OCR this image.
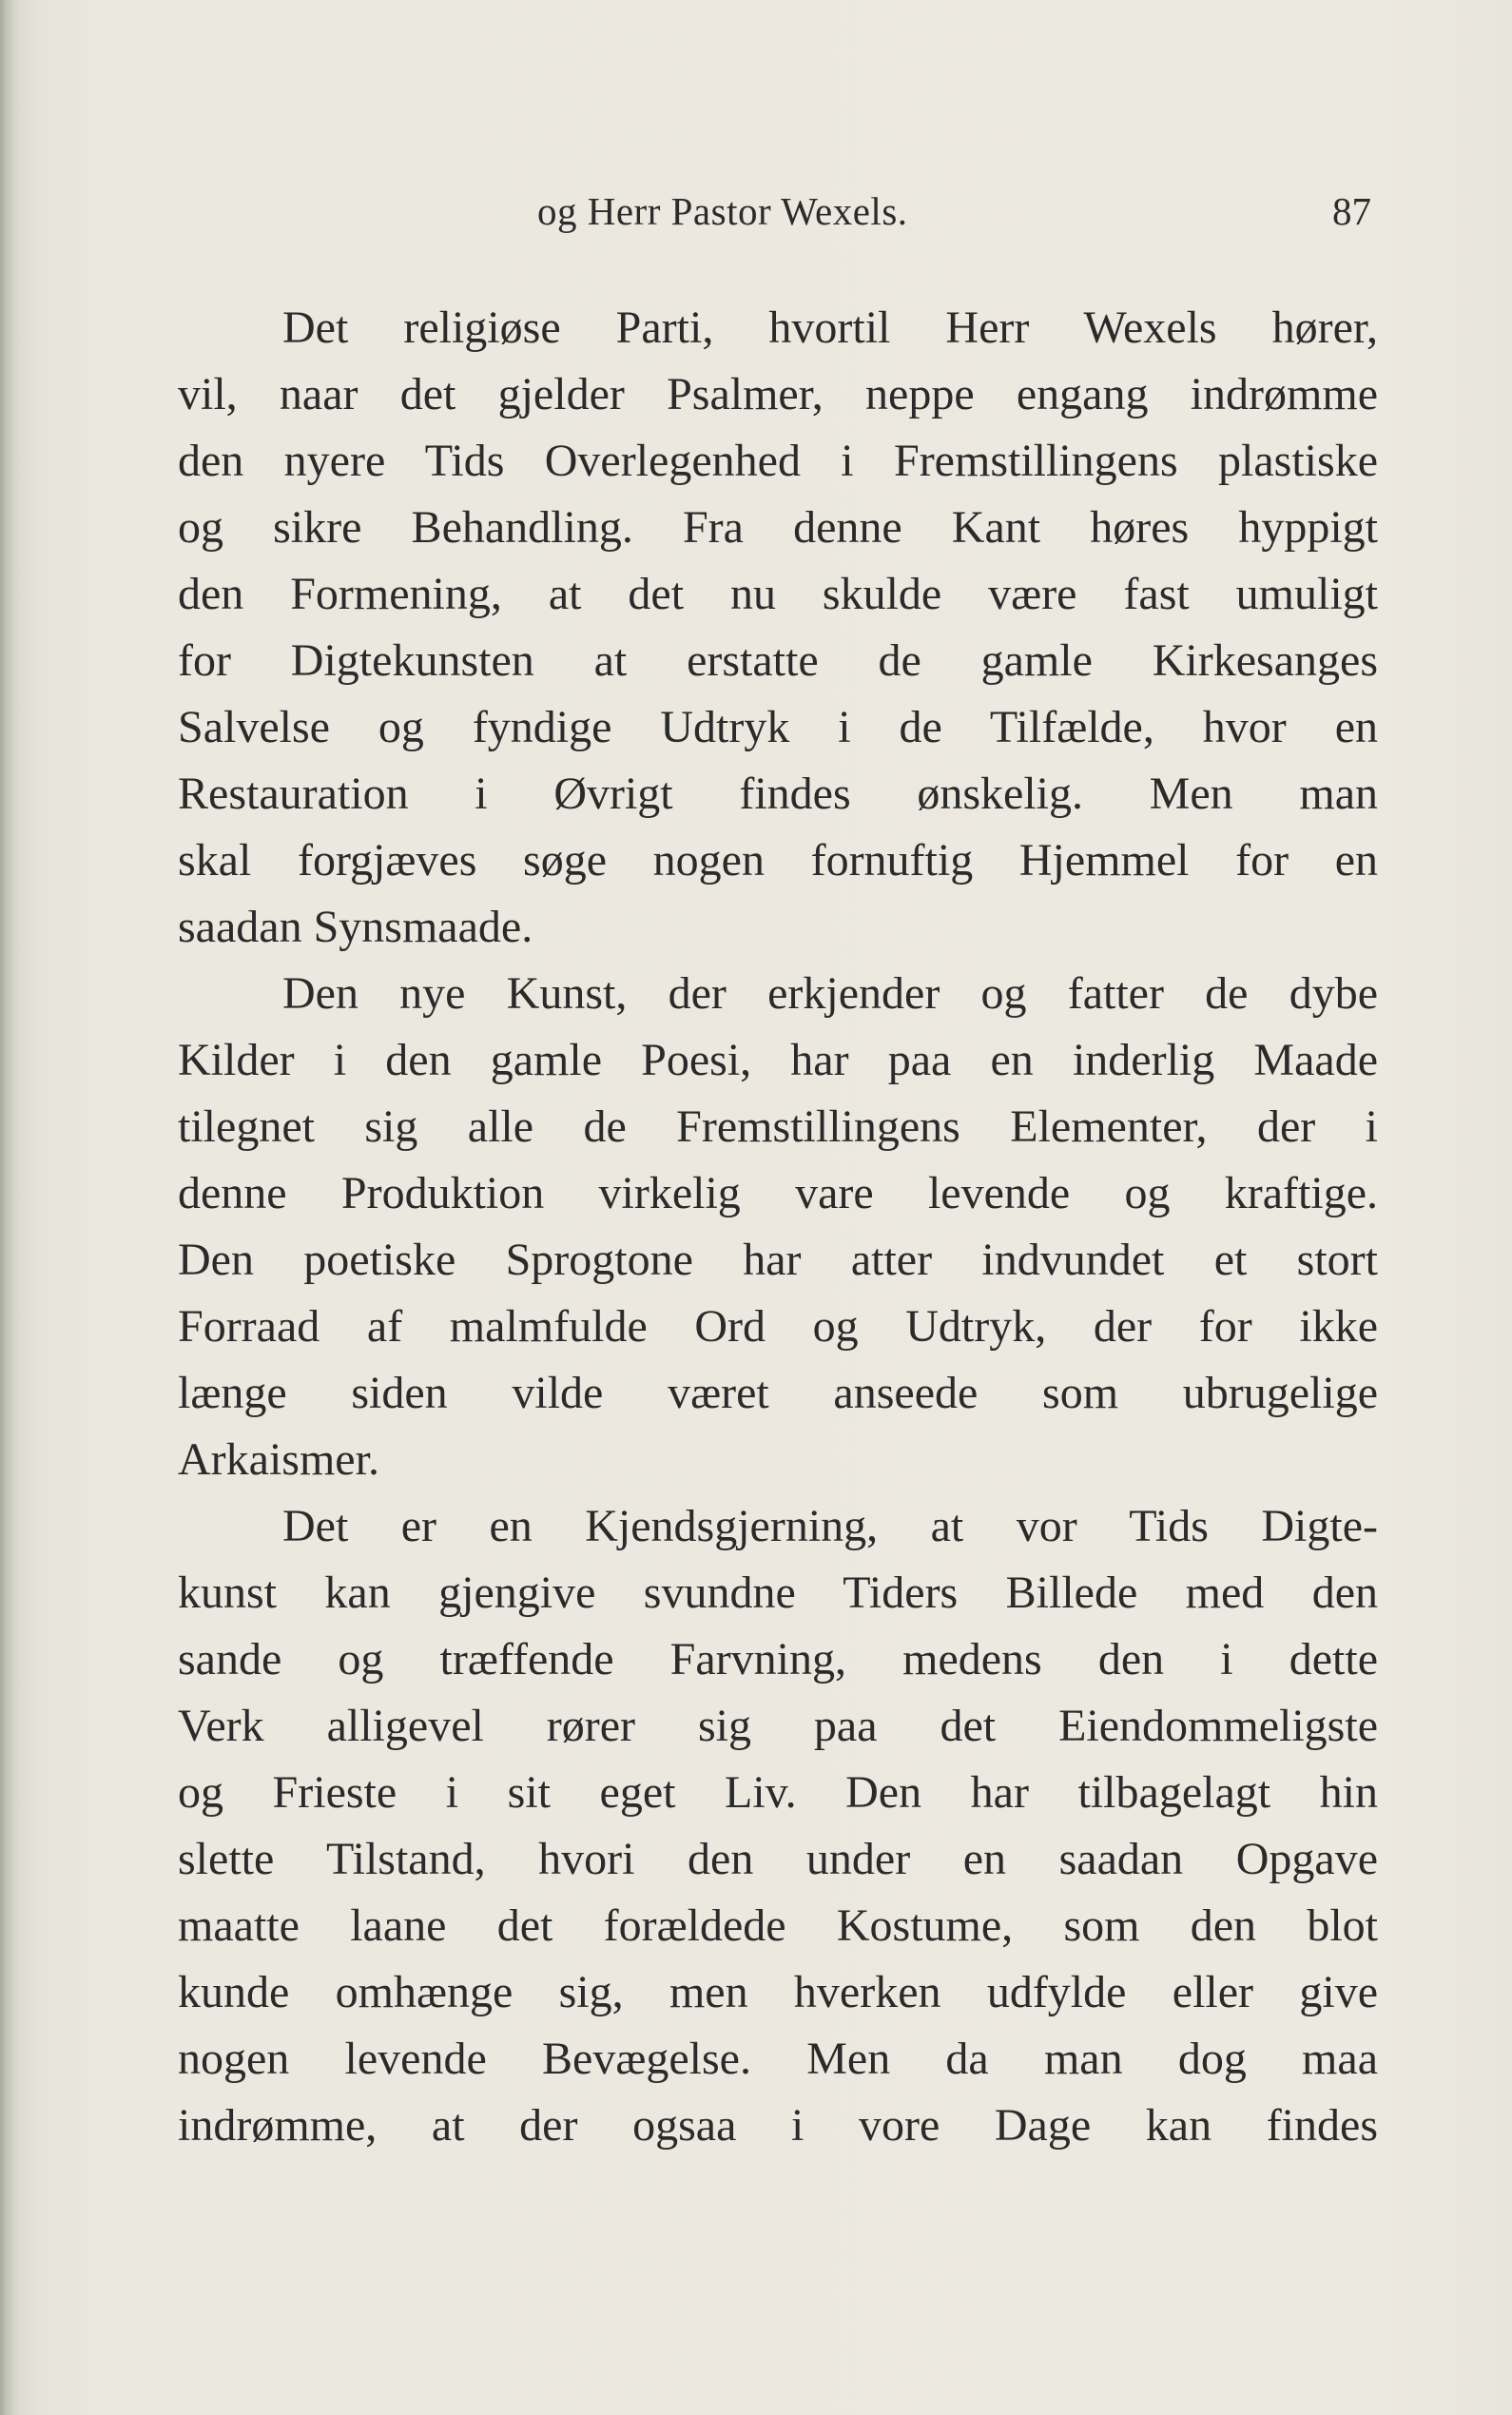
og Herr Pastor Wexels.	87
Det religiøse Parti, hvortil Herr Wexels hører,
vil, naar det gjelder Psalmer, neppe engang indrømme
den nyere Tids Overlegenhed i Fremstillingens plastiske
og sikre Behandling. Fra denne Kant høres hyppigt
den Formening, at det nu skulde være fast umuligt
for Digtekunsten at erstatte de gamle Kirkesanges
Salvelse og fyndige Udtryk i de Tilfælde, hvor en
Restauration i Øvrigt findes ønskelig. Men man
skal forgjæves søge nogen fornuftig Hjemmel for en
saadan Synsmaade.
Den nye Kunst, der erkjender og fatter de dybe
Kilder i den gamle Poesi, har paa en inderlig Maade
tilegnet sig alle de Fremstillingens Elementer, der i
denne Produktion virkelig vare levende og kraftige.
Den poetiske Sprogtone har atter indvundet et stort
Forraad af malmfulde Ord og Udtryk, der for ikke
længe siden vilde været anseede som ubrugelige
Arkaismer.
Det er en Kjendsgjerning, at vor Tids Digte-
kunst kan gjengive svundne Tiders Billede med den
sande og træffende Farvning, medens den i dette
Verk alligevel rører sig paa det Eiendommeligste
og Frieste i sit eget Liv. Den har tilbagelagt hin
slette Tilstand, hvori den under en saadan Opgave
maatte laane det forældede Kostume, som den blot
kunde omhænge sig, men hverken udfylde eller give
nogen levende Bevægelse. Men da man dog maa
indrømme, at der ogsaa i vore Dage kan findes
